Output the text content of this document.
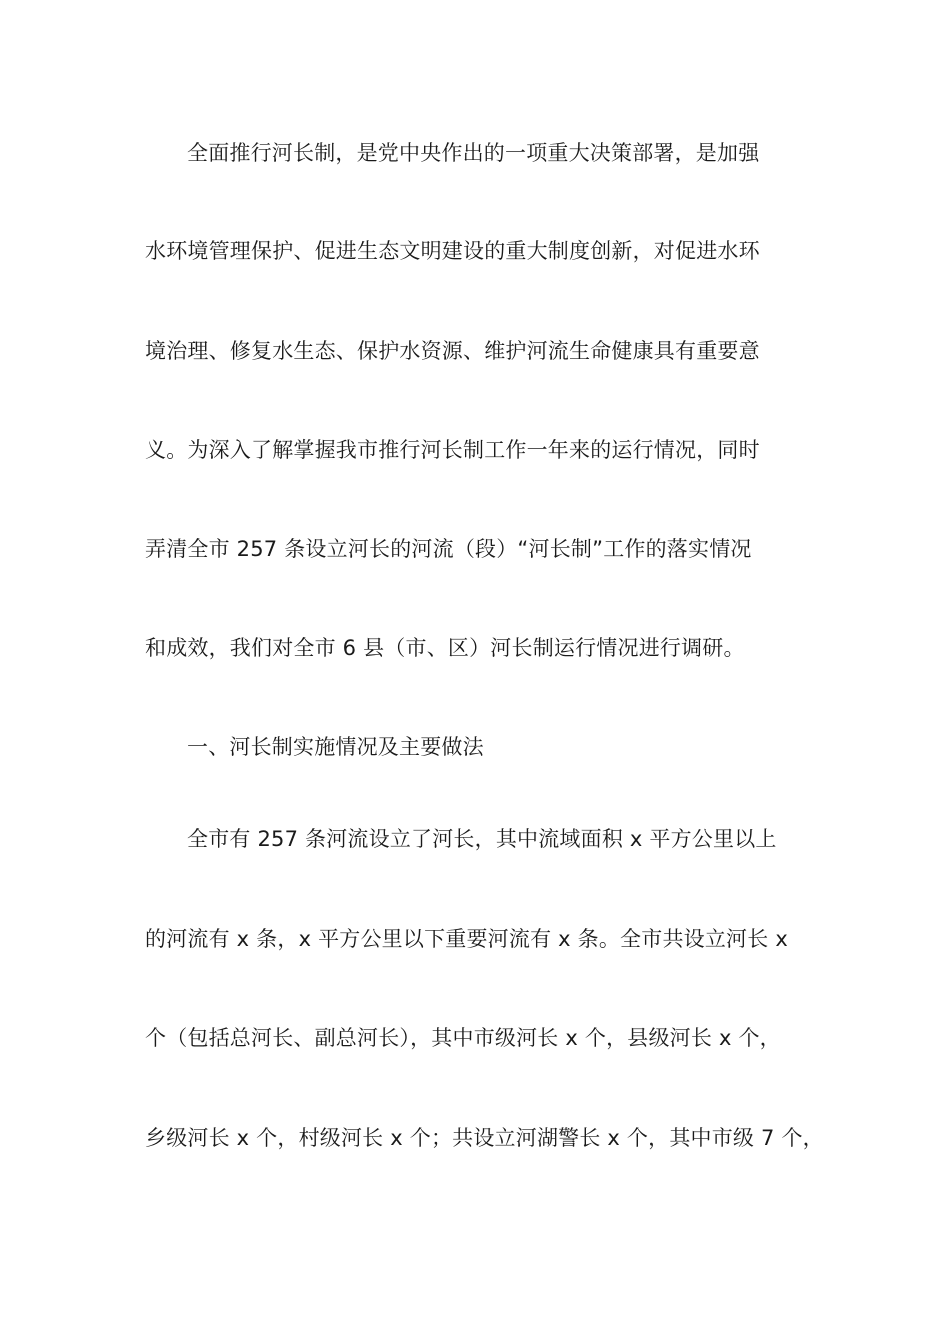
全面推行河长制，是党中央作出的一项重大决策部署，是加强
水环境管理保护、促进生态文明建设的重大制度创新，对促进水环
境治理、修复水生态、保护水资源、维护河流生命健康具有重要意
义。为深入了解掌握我市推行河长制工作一年来的运行情况，同时
弄清全市 257 条设立河长的河流（段）“河长制”工作的落实情况
和成效，我们对全市 6 县（市、区）河长制运行情况进行调研。
一、河长制实施情况及主要做法
全市有 257 条河流设立了河长，其中流域面积 x 平方公里以上
的河流有 x 条，x 平方公里以下重要河流有 x 条。全市共设立河长 x
个（包括总河长、副总河长），其中市级河长 x 个，县级河长 x 个，
乡级河长 x 个，村级河长 x 个；共设立河湖警长 x 个，其中市级 7 个，
